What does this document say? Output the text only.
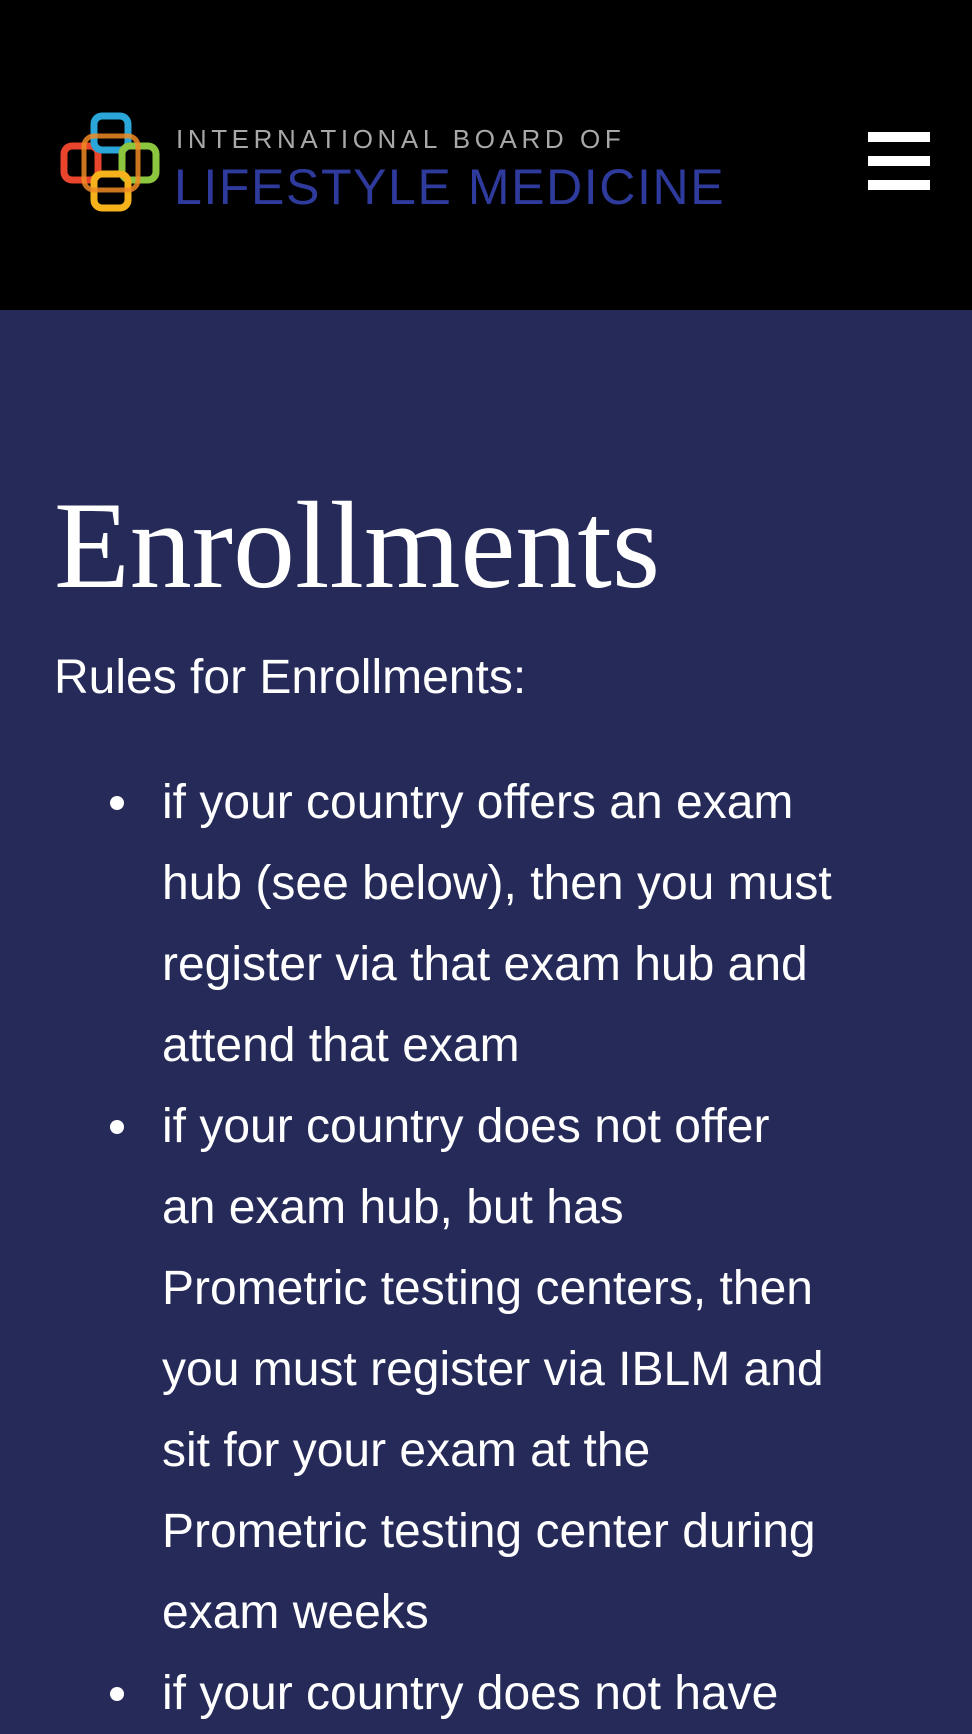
INTERNATIONAL BOARD OF
LIFESTYLE MEDICINE
Enrollments

Rules for Enrollments:

if your country offers an exam
hub (see below), then you must
register via that exam hub and
attend that exam
if your country does not offer
an exam hub, but has
Prometric testing centers, then
you must register via IBLM and
sit for your exam at the
Prometric testing center during
exam weeks
if your country does not have
